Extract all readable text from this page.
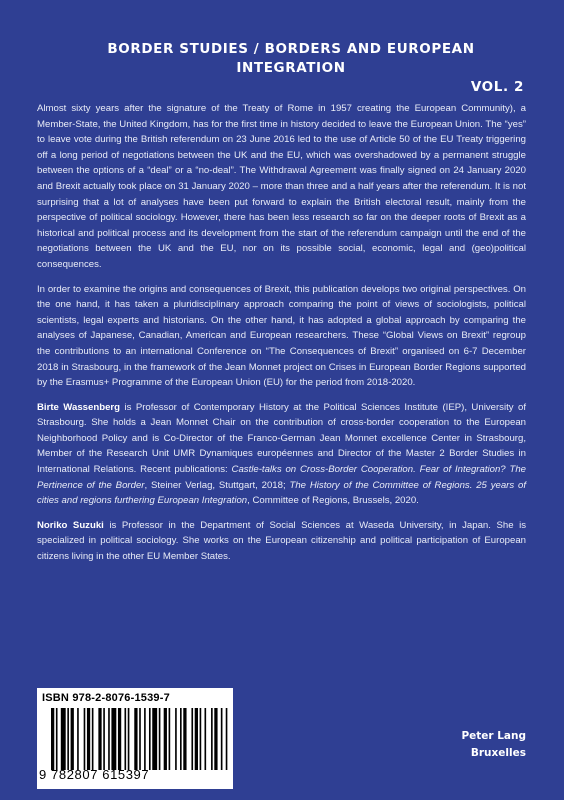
BORDER STUDIES / BORDERS AND EUROPEAN INTEGRATION
VOL. 2

Almost sixty years after the signature of the Treaty of Rome in 1957 creating the European Community), a Member-State, the United Kingdom, has for the first time in history decided to leave the European Union. The “yes” to leave vote during the British referendum on 23 June 2016 led to the use of Article 50 of the EU Treaty triggering off a long period of negotiations between the UK and the EU, which was overshadowed by a permanent struggle between the options of a “deal” or a “no-deal”. The Withdrawal Agreement was finally signed on 24 January 2020 and Brexit actually took place on 31 January 2020 – more than three and a half years after the referendum. It is not surprising that a lot of analyses have been put forward to explain the British electoral result, mainly from the perspective of political sociology. However, there has been less research so far on the deeper roots of Brexit as a historical and political process and its development from the start of the referendum campaign until the end of the negotiations between the UK and the EU, nor on its possible social, economic, legal and (geo)political consequences.

In order to examine the origins and consequences of Brexit, this publication develops two original perspectives. On the one hand, it has taken a pluridisciplinary approach comparing the point of views of sociologists, political scientists, legal experts and historians. On the other hand, it has adopted a global approach by comparing the analyses of Japanese, Canadian, American and European researchers. These “Global Views on Brexit” regroup the contributions to an international Conference on “The Consequences of Brexit” organised on 6-7 December 2018 in Strasbourg, in the framework of the Jean Monnet project on Crises in European Border Regions supported by the Erasmus+ Programme of the European Union (EU) for the period from 2018-2020.

Birte Wassenberg is Professor of Contemporary History at the Political Sciences Institute (IEP), University of Strasbourg. She holds a Jean Monnet Chair on the contribution of cross-border cooperation to the European Neighborhood Policy and is Co-Director of the Franco-German Jean Monnet excellence Center in Strasbourg, Member of the Research Unit UMR Dynamiques européennes and Director of the Master 2 Border Studies in International Relations. Recent publications: Castle-talks on Cross-Border Cooperation. Fear of Integration? The Pertinence of the Border, Steiner Verlag, Stuttgart, 2018; The History of the Committee of Regions. 25 years of cities and regions furthering European Integration, Committee of Regions, Brussels, 2020.

Noriko Suzuki is Professor in the Department of Social Sciences at Waseda University, in Japan. She is specialized in political sociology. She works on the European citizenship and political participation of European citizens living in the other EU Member States.

ISBN 978-2-8076-1539-7
9 782807 615397
Peter Lang
Bruxelles
